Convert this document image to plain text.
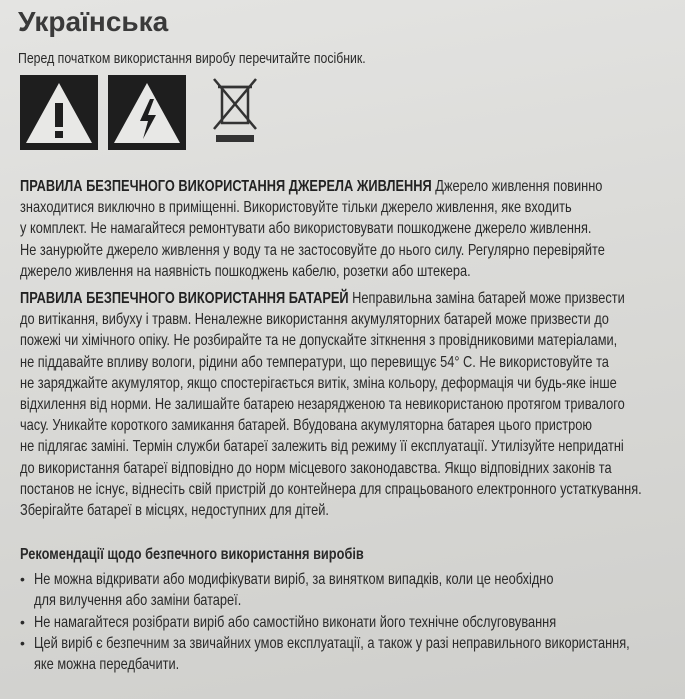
Українська
Перед початком використання виробу перечитайте посібник.
ПРАВИЛА БЕЗПЕЧНОГО ВИКОРИСТАННЯ ДЖЕРЕЛА ЖИВЛЕННЯ Джерело живлення повинно
знаходитися виключно в приміщенні. Використовуйте тільки джерело живлення, яке входить
у комплект. Не намагайтеся ремонтувати або використовувати пошкоджене джерело живлення.
Не занурюйте джерело живлення у воду та не застосовуйте до нього силу. Регулярно перевіряйте
джерело живлення на наявність пошкоджень кабелю, розетки або штекера.
ПРАВИЛА БЕЗПЕЧНОГО ВИКОРИСТАННЯ БАТАРЕЙ Неправильна заміна батарей може призвести
до витікання, вибуху і травм. Неналежне використання акумуляторних батарей може призвести до
пожежі чи хімічного опіку. Не розбирайте та не допускайте зіткнення з провідниковими матеріалами,
не піддавайте впливу вологи, рідини або температури, що перевищує 54° C. Не використовуйте та
не заряджайте акумулятор, якщо спостерігається витік, зміна кольору, деформація чи будь-яке інше
відхилення від норми. Не залишайте батарею незарядженою та невикористаною протягом тривалого
часу. Уникайте короткого замикання батарей. Вбудована акумуляторна батарея цього пристрою
не підлягає заміні. Термін служби батареї залежить від режиму її експлуатації. Утилізуйте непридатні
до використання батареї відповідно до норм місцевого законодавства. Якщо відповідних законів та
постанов не існує, віднесіть свій пристрій до контейнера для спрацьованого електронного устаткування.
Зберігайте батареї в місцях, недоступних для дітей.
Рекомендації щодо безпечного використання виробів
• Не можна відкривати або модифікувати виріб, за винятком випадків, коли це необхідно
для вилучення або заміни батареї.
• Не намагайтеся розібрати виріб або самостійно виконати його технічне обслуговування
• Цей виріб є безпечним за звичайних умов експлуатації, а також у разі неправильного використання,
яке можна передбачити.
